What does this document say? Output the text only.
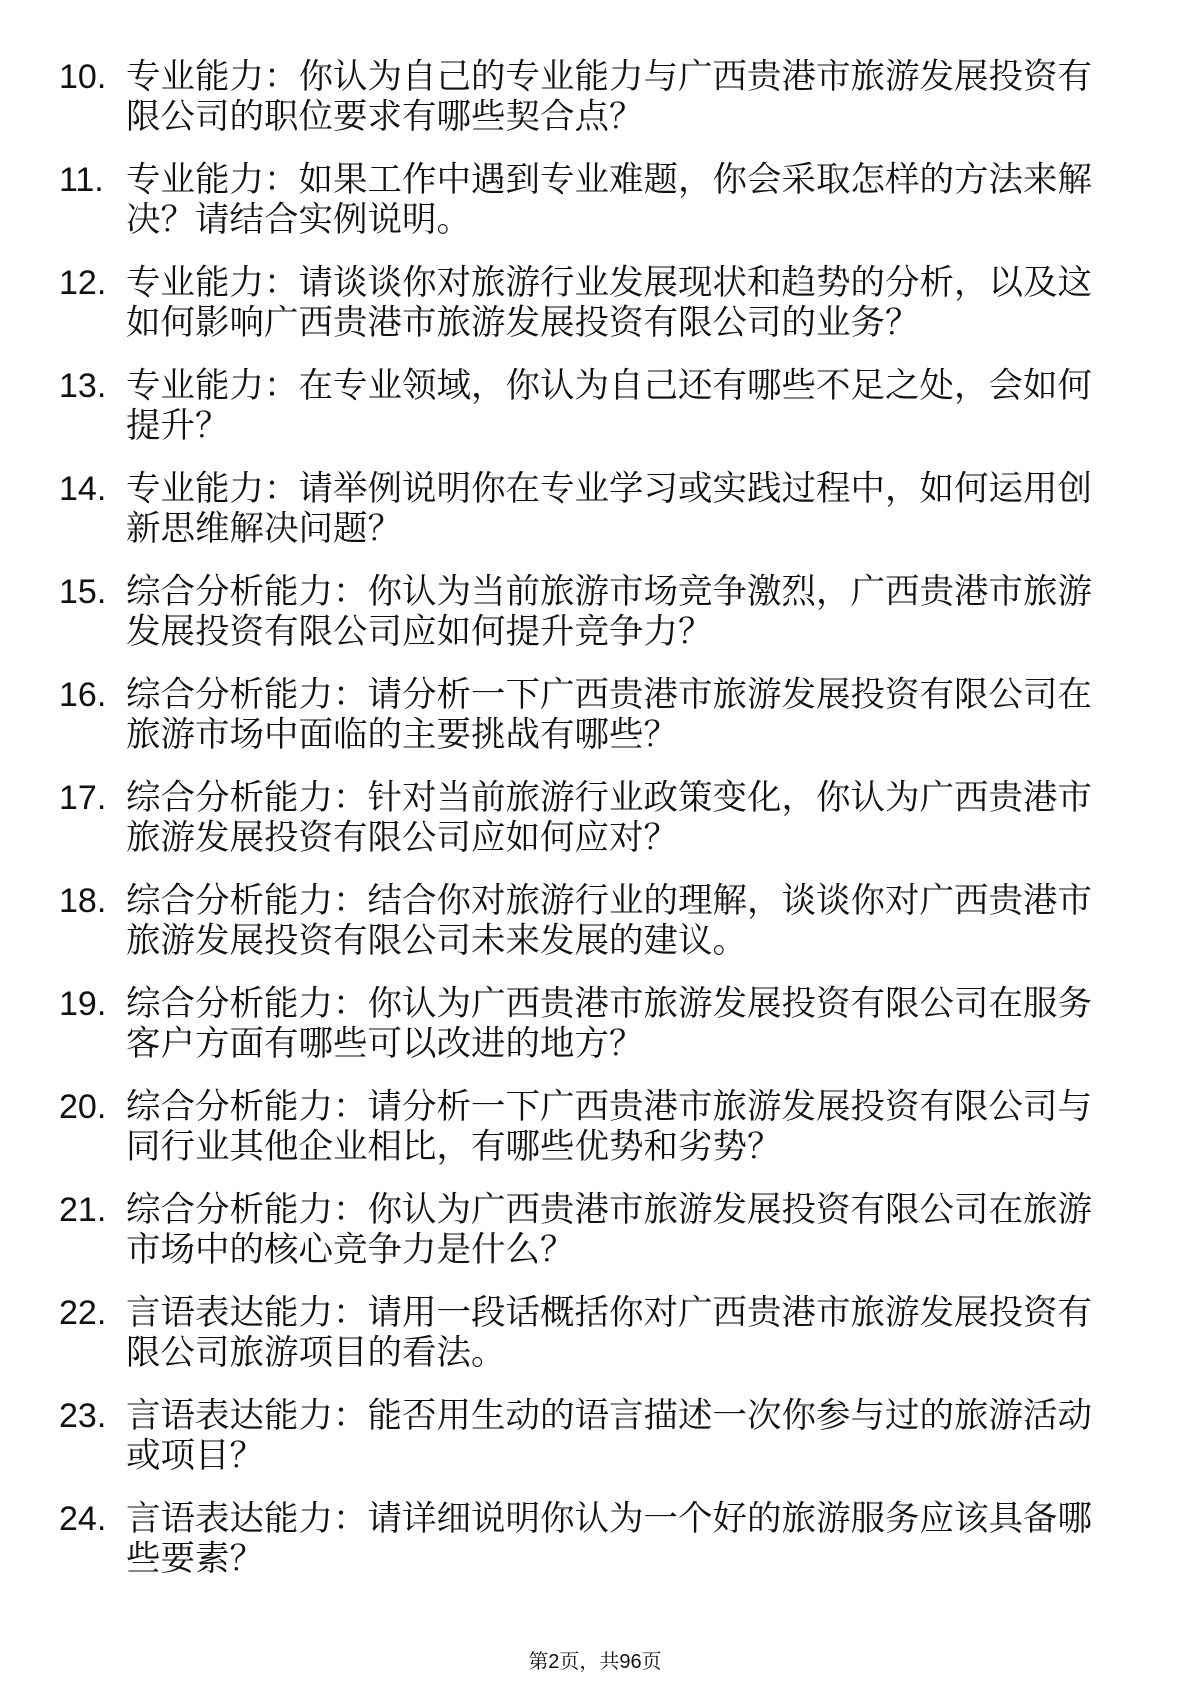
10. 专业能力：你认为自己的专业能力与广西贵港市旅游发展投资有
限公司的职位要求有哪些契合点？
11. 专业能力：如果工作中遇到专业难题，你会采取怎样的方法来解
决？请结合实例说明。
12. 专业能力：请谈谈你对旅游行业发展现状和趋势的分析，以及这
如何影响广西贵港市旅游发展投资有限公司的业务？
13. 专业能力：在专业领域，你认为自己还有哪些不足之处，会如何
提升？
14. 专业能力：请举例说明你在专业学习或实践过程中，如何运用创
新思维解决问题？
15. 综合分析能力：你认为当前旅游市场竞争激烈，广西贵港市旅游
发展投资有限公司应如何提升竞争力？
16. 综合分析能力：请分析一下广西贵港市旅游发展投资有限公司在
旅游市场中面临的主要挑战有哪些？
17. 综合分析能力：针对当前旅游行业政策变化，你认为广西贵港市
旅游发展投资有限公司应如何应对？
18. 综合分析能力：结合你对旅游行业的理解，谈谈你对广西贵港市
旅游发展投资有限公司未来发展的建议。
19. 综合分析能力：你认为广西贵港市旅游发展投资有限公司在服务
客户方面有哪些可以改进的地方？
20. 综合分析能力：请分析一下广西贵港市旅游发展投资有限公司与
同行业其他企业相比，有哪些优势和劣势？
21. 综合分析能力：你认为广西贵港市旅游发展投资有限公司在旅游
市场中的核心竞争力是什么？
22. 言语表达能力：请用一段话概括你对广西贵港市旅游发展投资有
限公司旅游项目的看法。
23. 言语表达能力：能否用生动的语言描述一次你参与过的旅游活动
或项目？
24. 言语表达能力：请详细说明你认为一个好的旅游服务应该具备哪
些要素？
第2页，共96页
